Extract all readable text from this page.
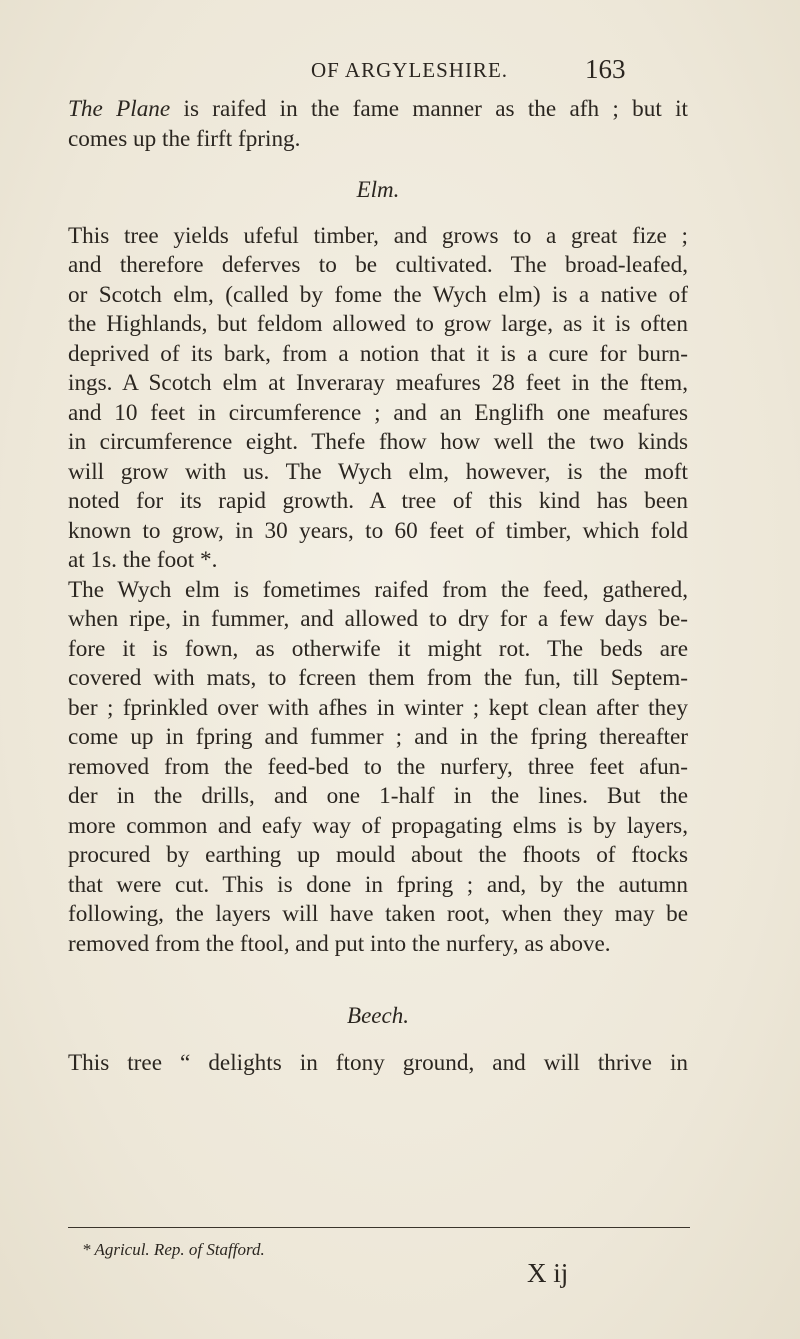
OF ARGYLESHIRE.	163

The Plane is raifed in the fame manner as the afh ; but it

comes up the firft fpring.

Elm.

This tree yields ufeful timber, and grows to a great fize ;

and therefore deferves to be cultivated. The broad-leafed,

or Scotch elm, (called by fome the Wych elm) is a native of

the Highlands, but feldom allowed to grow large, as it is often

deprived of its bark, from a notion that it is a cure for burn-

ings. A Scotch elm at Inveraray meafures 28 feet in the ftem,

and 10 feet in circumference ; and an Englifh one meafures

in circumference eight. Thefe fhow how well the two kinds

will grow with us. The Wych elm, however, is the moft

noted for its rapid growth. A tree of this kind has been

known to grow, in 30 years, to 60 feet of timber, which fold

at 1s. the foot *.

The Wych elm is fometimes raifed from the feed, gathered,

when ripe, in fummer, and allowed to dry for a few days be-

fore it is fown, as otherwife it might rot. The beds are

covered with mats, to fcreen them from the fun, till Septem-

ber ; fprinkled over with afhes in winter ; kept clean after they

come up in fpring and fummer ; and in the fpring thereafter

removed from the feed-bed to the nurfery, three feet afun-

der in the drills, and one 1-half in the lines. But the

more common and eafy way of propagating elms is by layers,

procured by earthing up mould about the fhoots of ftocks

that were cut. This is done in fpring ; and, by the autumn

following, the layers will have taken root, when they may be

removed from the ftool, and put into the nurfery, as above.

Beech.

This tree “ delights in ftony ground, and will thrive in

* Agricul. Rep. of Stafford.
X ij
